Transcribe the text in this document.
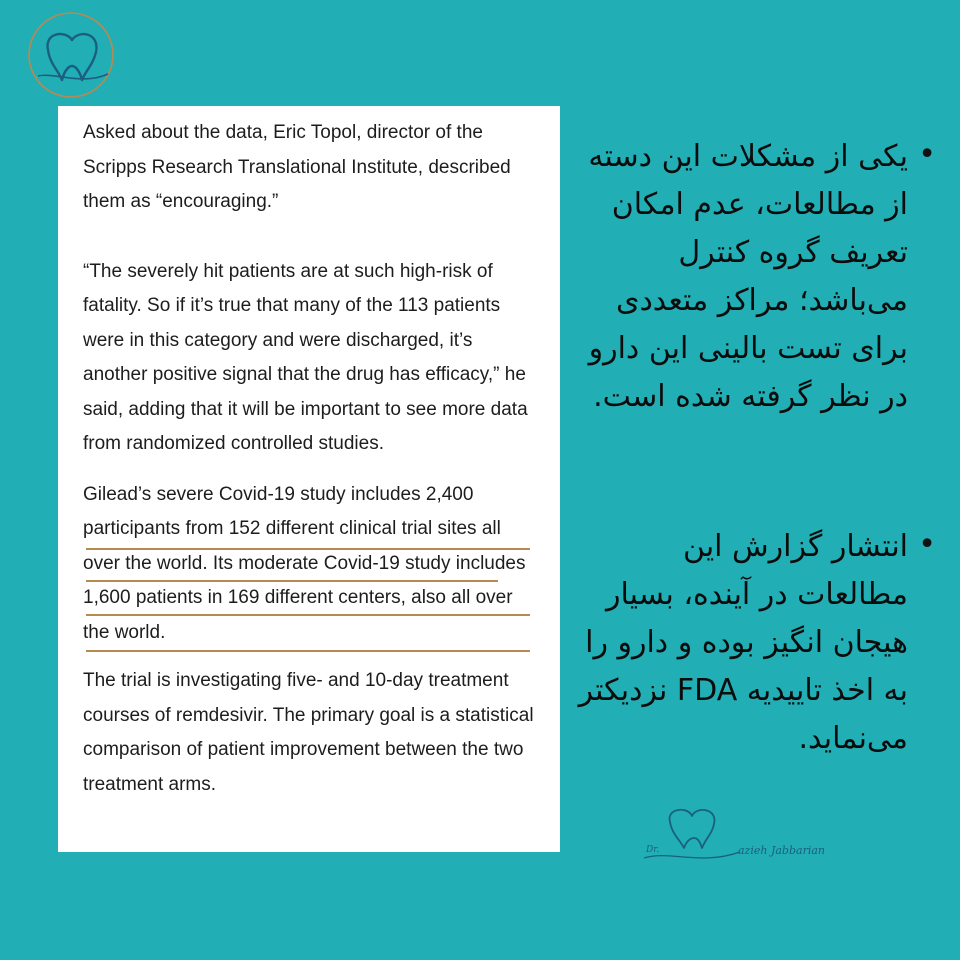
Asked about the data, Eric Topol, director of the Scripps Research Translational Institute, described them as “encouraging.”

“The severely hit patients are at such high-risk of fatality. So if it’s true that many of the 113 patients were in this category and were discharged, it’s another positive signal that the drug has efficacy,” he said, adding that it will be important to see more data from randomized controlled studies.

Gilead’s severe Covid-19 study includes 2,400 participants from 152 different clinical trial sites all over the world. Its moderate Covid-19 study includes 1,600 patients in 169 different centers, also all over the world.

The trial is investigating five- and 10-day treatment courses of remdesivir. The primary goal is a statistical comparison of patient improvement between the two treatment arms.

•
یکی از مشکلات این دسته از مطالعات، عدم امکان تعریف گروه کنترل می‌باشد؛ مراکز متعددی برای تست بالینی این دارو در نظر گرفته شده است.
•
انتشار گزارش این مطالعات در آینده، بسیار هیجان انگیز بوده و دارو را به اخذ تاییدیه FDA نزدیکتر می‌نماید.
Dr.	azieh Jabbarian
